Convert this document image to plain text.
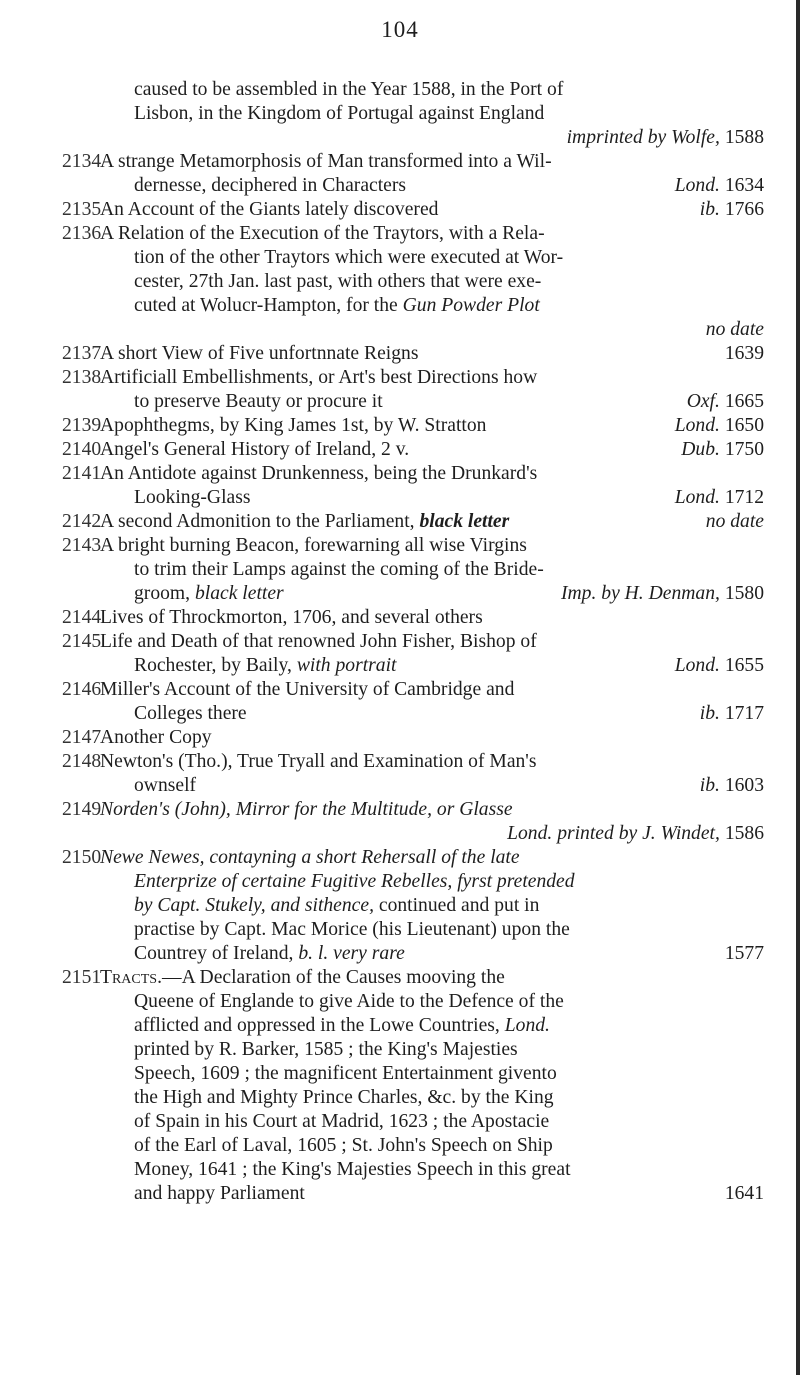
104
caused to be assembled in the Year 1588, in the Port of
Lisbon, in the Kingdom of Portugal against England
imprinted by Wolfe, 1588
2134
A strange Metamorphosis of Man transformed into a Wil-
dernesse, deciphered in Characters	Lond. 1634
2135
An Account of the Giants lately discovered	ib. 1766
2136
A Relation of the Execution of the Traytors, with a Rela-
tion of the other Traytors which were executed at Wor-
cester, 27th Jan. last past, with others that were exe-
cuted at Wolucr-Hampton, for the Gun Powder Plot
no date
2137
A short View of Five unfortnnate Reigns	1639
2138
Artificiall Embellishments, or Art's best Directions how
to preserve Beauty or procure it	Oxf. 1665
2139
Apophthegms, by King James 1st, by W. Stratton	Lond. 1650
2140
Angel's General History of Ireland, 2 v.	Dub. 1750
2141
An Antidote against Drunkenness, being the Drunkard's
Looking-Glass	Lond. 1712
2142
A second Admonition to the Parliament, black letter	no date
2143
A bright burning Beacon, forewarning all wise Virgins
to trim their Lamps against the coming of the Bride-
groom, black letter	Imp. by H. Denman, 1580
2144
Lives of Throckmorton, 1706, and several others
2145
Life and Death of that renowned John Fisher, Bishop of
Rochester, by Baily, with portrait	Lond. 1655
2146
Miller's Account of the University of Cambridge and
Colleges there	ib. 1717
2147
Another Copy
2148
Newton's (Tho.), True Tryall and Examination of Man's
ownself	ib. 1603
2149
Norden's (John), Mirror for the Multitude, or Glasse
Lond. printed by J. Windet, 1586
2150
Newe Newes, contayning a short Rehersall of the late
Enterprize of certaine Fugitive Rebelles, fyrst pretended
by Capt. Stukely, and sithence, continued and put in
practise by Capt. Mac Morice (his Lieutenant) upon the
Countrey of Ireland, b. l. very rare	1577
2151
Tracts.—A Declaration of the Causes mooving the
Queene of Englande to give Aide to the Defence of the
afflicted and oppressed in the Lowe Countries, Lond.
printed by R. Barker, 1585 ; the King's Majesties
Speech, 1609 ; the magnificent Entertainment givento
the High and Mighty Prince Charles, &c. by the King
of Spain in his Court at Madrid, 1623 ; the Apostacie
of the Earl of Laval, 1605 ; St. John's Speech on Ship
Money, 1641 ; the King's Majesties Speech in this great
and happy Parliament	1641
